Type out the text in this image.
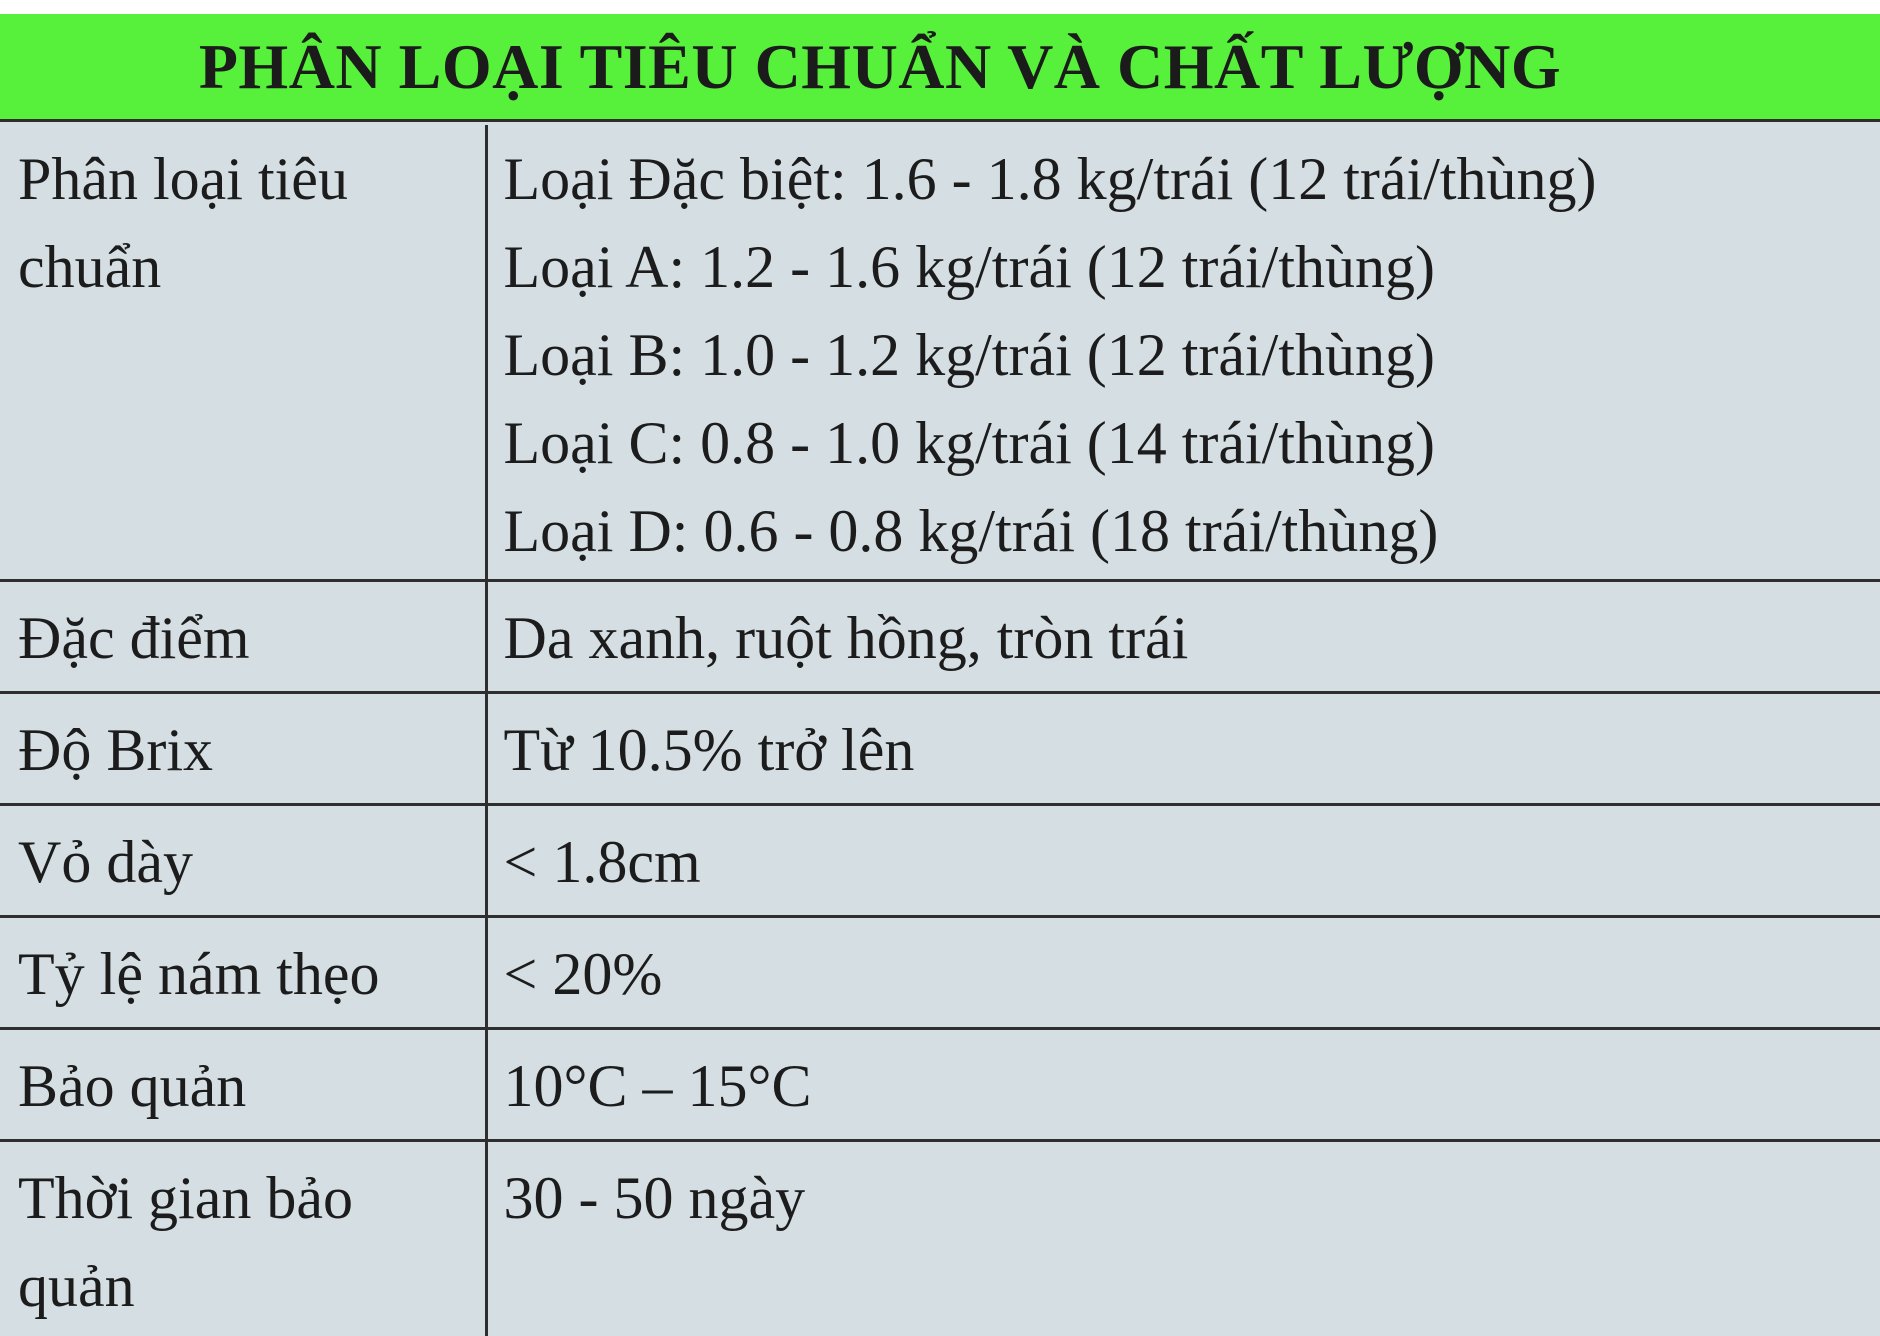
PHÂN LOẠI TIÊU CHUẨN VÀ CHẤT LƯỢNG
Phân loại tiêu chuẩn	Loại Đặc biệt: 1.6 - 1.8 kg/trái (12 trái/thùng)
Loại A: 1.2 - 1.6 kg/trái (12 trái/thùng)
Loại B: 1.0 - 1.2 kg/trái (12 trái/thùng)
Loại C: 0.8 - 1.0 kg/trái (14 trái/thùng)
Loại D: 0.6 - 0.8 kg/trái (18 trái/thùng)

Đặc điểm	Da xanh, ruột hồng, tròn trái
Độ Brix	Từ 10.5% trở lên
Vỏ dày	< 1.8cm
Tỷ lệ nám thẹo	< 20%
Bảo quản	10°C – 15°C
Thời gian bảo quản	30 - 50 ngày
